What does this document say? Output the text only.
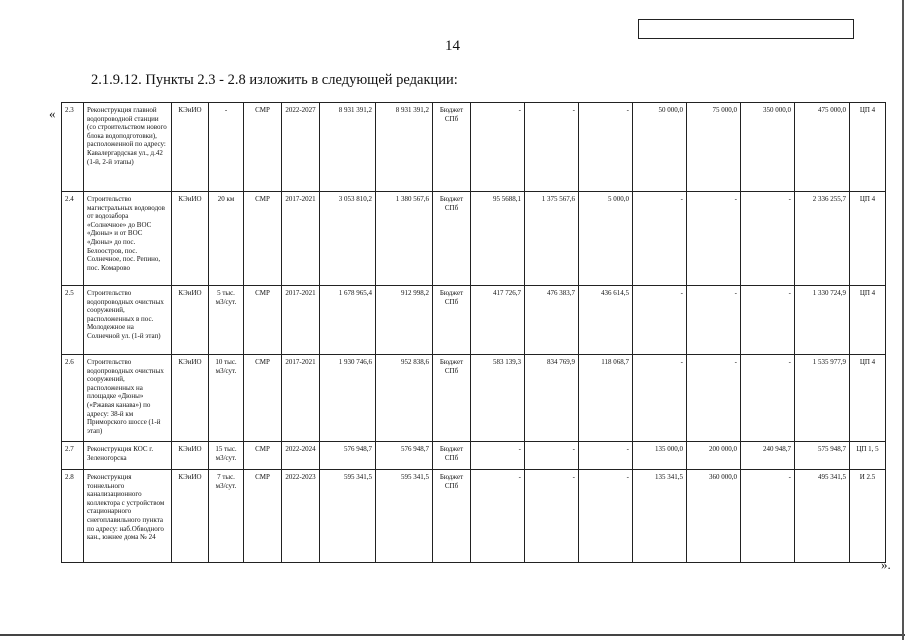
14
2.1.9.12. Пункты 2.3 - 2.8 изложить в следующей редакции:
«
».
2.3	Реконструкция главной водопроводной станции (со строительством нового блока водоподготовки), расположенной по адресу: Кавалергардская ул., д.42 (1-й, 2-й этапы)	КЭиИО	-	СМР	2022-2027	8 931 391,2	8 931 391,2	Бюджет СПб	-	-	-	50 000,0	75 000,0	350 000,0	475 000,0	ЦП 4
2.4	Строительство магистральных водоводов от водозабора «Солнечное» до ВОС «Дюны» и от ВОС «Дюны» до пос. Белоостров, пос. Солнечное, пос. Репино, пос. Комарово	КЭиИО	20 км	СМР	2017-2021	3 053 810,2	1 380 567,6	Бюджет СПб	95 5688,1	1 375 567,6	5 000,0	-	-	-	2 336 255,7	ЦП 4
2.5	Строительство водопроводных очистных сооружений, расположенных в пос. Молодежное на Солнечной ул. (1-й этап)	КЭиИО	5 тыс. м3/сут.	СМР	2017-2021	1 678 965,4	912 998,2	Бюджет СПб	417 726,7	476 383,7	436 614,5	-	-	-	1 330 724,9	ЦП 4
2.6	Строительство водопроводных очистных сооружений, расположенных на площадке «Дюны» («Ржавая канава») по адресу: 38-й км Приморского шоссе (1-й этап)	КЭиИО	10 тыс. м3/сут.	СМР	2017-2021	1 930 746,6	952 838,6	Бюджет СПб	583 139,3	834 769,9	118 068,7	-	-	-	1 535 977,9	ЦП 4
2.7	Реконструкция КОС г. Зеленогорска	КЭиИО	15 тыс. м3/сут.	СМР	2022-2024	576 948,7	576 948,7	Бюджет СПб	-	-	-	135 000,0	200 000,0	240 948,7	575 948,7	ЦП 1, 5
2.8	Реконструкция тоннельного канализационного коллектора с устройством стационарного снегоплавильного пункта по адресу: наб.Обводного кан., южнее дома № 24	КЭиИО	7 тыс. м3/сут.	СМР	2022-2023	595 341,5	595 341,5	Бюджет СПб	-	-	-	135 341,5	360 000,0	-	495 341,5	И 2.5
